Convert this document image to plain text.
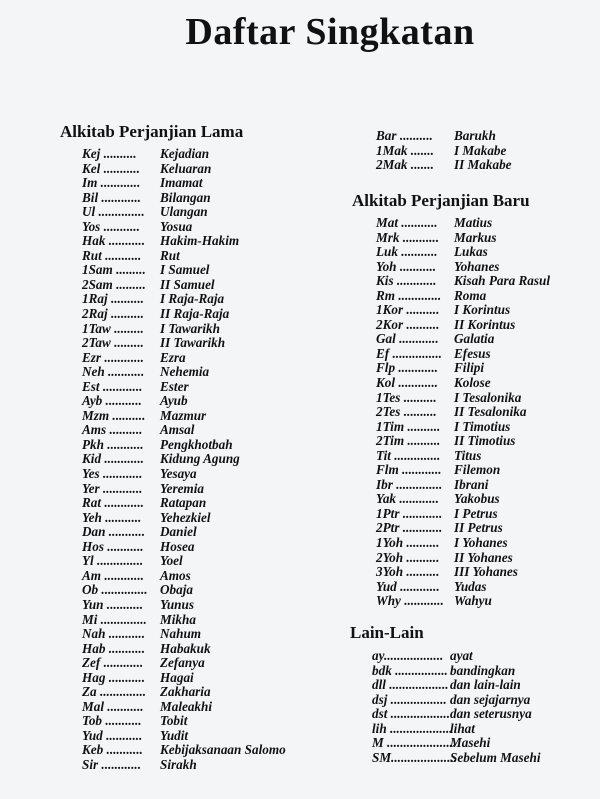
Daftar Singkatan
Alkitab Perjanjian Lama
Kej .......... Kejadian
Kel ........... Keluaran
Im ............ Imamat
Bil ............ Bilangan
Ul .............. Ulangan
Yos ........... Yosua
Hak ........... Hakim-Hakim
Rut ........... Rut
1Sam ......... I Samuel
2Sam ......... II Samuel
1Raj .......... I Raja-Raja
2Raj .......... II Raja-Raja
1Taw ......... I Tawarikh
2Taw ......... II Tawarikh
Ezr ............ Ezra
Neh ........... Nehemia
Est ............ Ester
Ayb ........... Ayub
Mzm .......... Mazmur
Ams .......... Amsal
Pkh ........... Pengkhotbah
Kid ............ Kidung Agung
Yes ............ Yesaya
Yer ............ Yeremia
Rat ............ Ratapan
Yeh ........... Yehezkiel
Dan ........... Daniel
Hos ........... Hosea
Yl .............. Yoel
Am ............ Amos
Ob .............. Obaja
Yun ........... Yunus
Mi .............. Mikha
Nah ........... Nahum
Hab ........... Habakuk
Zef ............ Zefanya
Hag ........... Hagai
Za .............. Zakharia
Mal ........... Maleakhi
Tob ........... Tobit
Yud ........... Yudit
Keb ........... Kebijaksanaan Salomo
Sir ............ Sirakh
Bar .......... Barukh
1Mak ....... I Makabe
2Mak ....... II Makabe
Alkitab Perjanjian Baru
Mat ........... Matius
Mrk ........... Markus
Luk ........... Lukas
Yoh ........... Yohanes
Kis ............ Kisah Para Rasul
Rm ............. Roma
1Kor .......... I Korintus
2Kor .......... II Korintus
Gal ............ Galatia
Ef ............... Efesus
Flp ............ Filipi
Kol ............ Kolose
1Tes .......... I Tesalonika
2Tes .......... II Tesalonika
1Tim .......... I Timotius
2Tim .......... II Timotius
Tit .............. Titus
Flm ............ Filemon
Ibr .............. Ibrani
Yak ............ Yakobus
1Ptr ............ I Petrus
2Ptr ............ II Petrus
1Yoh .......... I Yohanes
2Yoh .......... II Yohanes
3Yoh .......... III Yohanes
Yud ............ Yudas
Why ............ Wahyu
Lain-Lain
ay.................. ayat
bdk ................ bandingkan
dll .................. dan lain-lain
dsj ................. dan sejajarnya
dst .................. dan seterusnya
lih ...................
lihat
M .....................
Masehi
SM....................
Sebelum Masehi
